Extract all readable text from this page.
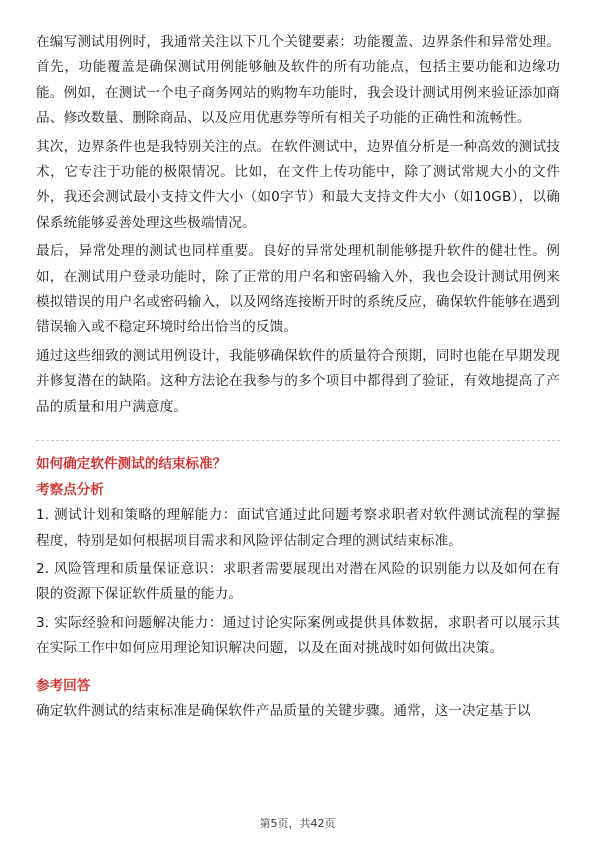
在编写测试用例时，我通常关注以下几个关键要素：功能覆盖、边界条件和异常处理。首先，功能覆盖是确保测试用例能够触及软件的所有功能点，包括主要功能和边缘功能。例如，在测试一个电子商务网站的购物车功能时，我会设计测试用例来验证添加商品、修改数量、删除商品、以及应用优惠券等所有相关子功能的正确性和流畅性。

其次，边界条件也是我特别关注的点。在软件测试中，边界值分析是一种高效的测试技术，它专注于功能的极限情况。比如，在文件上传功能中，除了测试常规大小的文件外，我还会测试最小支持文件大小（如0字节）和最大支持文件大小（如10GB），以确保系统能够妥善处理这些极端情况。

最后，异常处理的测试也同样重要。良好的异常处理机制能够提升软件的健壮性。例如，在测试用户登录功能时，除了正常的用户名和密码输入外，我也会设计测试用例来模拟错误的用户名或密码输入，以及网络连接断开时的系统反应，确保软件能够在遇到错误输入或不稳定环境时给出恰当的反馈。

通过这些细致的测试用例设计，我能够确保软件的质量符合预期，同时也能在早期发现并修复潜在的缺陷。这种方法论在我参与的多个项目中都得到了验证，有效地提高了产品的质量和用户满意度。

如何确定软件测试的结束标准？
考察点分析

1. 测试计划和策略的理解能力：面试官通过此问题考察求职者对软件测试流程的掌握程度，特别是如何根据项目需求和风险评估制定合理的测试结束标准。

2. 风险管理和质量保证意识：求职者需要展现出对潜在风险的识别能力以及如何在有限的资源下保证软件质量的能力。

3. 实际经验和问题解决能力：通过讨论实际案例或提供具体数据，求职者可以展示其在实际工作中如何应用理论知识解决问题，以及在面对挑战时如何做出决策。

参考回答

确定软件测试的结束标准是确保软件产品质量的关键步骤。通常，这一决定基于以

第5页，共42页
